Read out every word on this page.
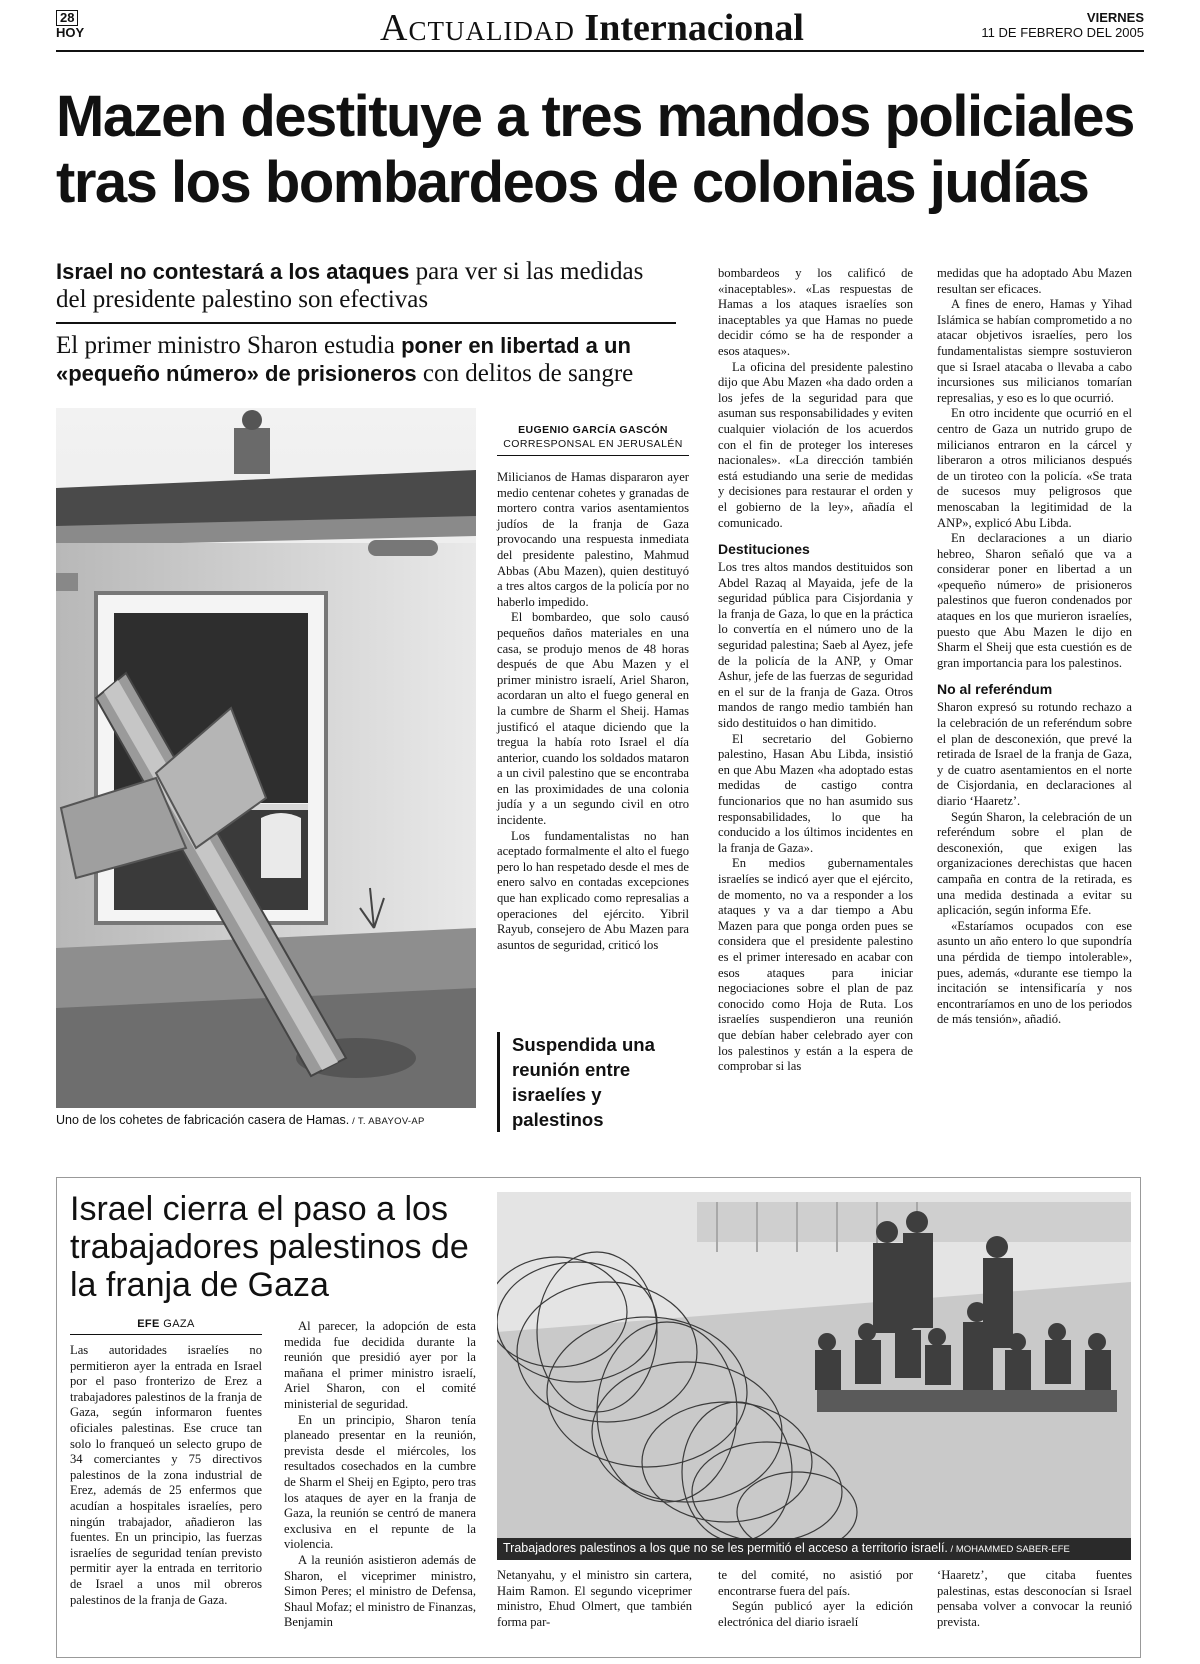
28
HOY	Actualidad Internacional	VIERNES
11 DE FEBRERO DEL 2005
Mazen destituye a tres mandos policiales
tras los bombardeos de colonias judías
Israel no contestará a los ataques para ver si las medidas del presidente palestino son efectivas
El primer ministro Sharon estudia poner en libertad a un «pequeño número» de prisioneros con delitos de sangre
Uno de los cohetes de fabricación casera de Hamas. / T. ABAYOV-AP
EUGENIO GARCÍA GASCÓN
CORRESPONSAL EN JERUSALÉN

Milicianos de Hamas dispararon ayer medio centenar cohetes y granadas de mortero contra varios asentamientos judíos de la franja de Gaza provocando una respuesta inmediata del presidente palestino, Mahmud Abbas (Abu Mazen), quien destituyó a tres altos cargos de la policía por no haberlo impedido.

El bombardeo, que solo causó pequeños daños materiales en una casa, se produjo menos de 48 horas después de que Abu Mazen y el primer ministro israelí, Ariel Sharon, acordaran un alto el fuego general en la cumbre de Sharm el Sheij. Hamas justificó el ataque diciendo que la tregua la había roto Israel el día anterior, cuando los soldados mataron a un civil palestino que se encontraba en las proximidades de una colonia judía y a un segundo civil en otro incidente.

Los fundamentalistas no han aceptado formalmente el alto el fuego pero lo han respetado desde el mes de enero salvo en contadas excepciones que han explicado como represalias a operaciones del ejército. Yibril Rayub, consejero de Abu Mazen para asuntos de seguridad, criticó los

Suspendida una reunión entre israelíes y palestinos

bombardeos y los calificó de «inaceptables». «Las respuestas de Hamas a los ataques israelíes son inaceptables ya que Hamas no puede decidir cómo se ha de responder a esos ataques».

La oficina del presidente palestino dijo que Abu Mazen «ha dado orden a los jefes de la seguridad para que asuman sus responsabilidades y eviten cualquier violación de los acuerdos con el fin de proteger los intereses nacionales». «La dirección también está estudiando una serie de medidas y decisiones para restaurar el orden y el gobierno de la ley», añadía el comunicado.

Destituciones

Los tres altos mandos destituidos son Abdel Razaq al Mayaida, jefe de la seguridad pública para Cisjordania y la franja de Gaza, lo que en la práctica lo convertía en el número uno de la seguridad palestina; Saeb al Ayez, jefe de la policía de la ANP, y Omar Ashur, jefe de las fuerzas de seguridad en el sur de la franja de Gaza. Otros mandos de rango medio también han sido destituidos o han dimitido.

El secretario del Gobierno palestino, Hasan Abu Libda, insistió en que Abu Mazen «ha adoptado estas medidas de castigo contra funcionarios que no han asumido sus responsabilidades, lo que ha conducido a los últimos incidentes en la franja de Gaza».

En medios gubernamentales israelíes se indicó ayer que el ejército, de momento, no va a responder a los ataques y va a dar tiempo a Abu Mazen para que ponga orden pues se considera que el presidente palestino es el primer interesado en acabar con esos ataques para iniciar negociaciones sobre el plan de paz conocido como Hoja de Ruta. Los israelíes suspendieron una reunión que debían haber celebrado ayer con los palestinos y están a la espera de comprobar si las

medidas que ha adoptado Abu Mazen resultan ser eficaces.

A fines de enero, Hamas y Yihad Islámica se habían comprometido a no atacar objetivos israelíes, pero los fundamentalistas siempre sostuvieron que si Israel atacaba o llevaba a cabo incursiones sus milicianos tomarían represalias, y eso es lo que ocurrió.

En otro incidente que ocurrió en el centro de Gaza un nutrido grupo de milicianos entraron en la cárcel y liberaron a otros milicianos después de un tiroteo con la policía. «Se trata de sucesos muy peligrosos que menoscaban la legitimidad de la ANP», explicó Abu Libda.

En declaraciones a un diario hebreo, Sharon señaló que va a considerar poner en libertad a un «pequeño número» de prisioneros palestinos que fueron condenados por ataques en los que murieron israelíes, puesto que Abu Mazen le dijo en Sharm el Sheij que esta cuestión es de gran importancia para los palestinos.

No al referéndum

Sharon expresó su rotundo rechazo a la celebración de un referéndum sobre el plan de desconexión, que prevé la retirada de Israel de la franja de Gaza, y de cuatro asentamientos en el norte de Cisjordania, en declaraciones al diario ‘Haaretz’.

Según Sharon, la celebración de un referéndum sobre el plan de desconexión, que exigen las organizaciones derechistas que hacen campaña en contra de la retirada, es una medida destinada a evitar su aplicación, según informa Efe.

«Estaríamos ocupados con ese asunto un año entero lo que supondría una pérdida de tiempo intolerable», pues, además, «durante ese tiempo la incitación se intensificaría y nos encontraríamos en uno de los periodos de más tensión», añadió.

Israel cierra el paso a los trabajadores palestinos de la franja de Gaza
EFE GAZA

Las autoridades israelíes no permitieron ayer la entrada en Israel por el paso fronterizo de Erez a trabajadores palestinos de la franja de Gaza, según informaron fuentes oficiales palestinas. Ese cruce tan solo lo franqueó un selecto grupo de 34 comerciantes y 75 directivos palestinos de la zona industrial de Erez, además de 25 enfermos que acudían a hospitales israelíes, pero ningún trabajador, añadieron las fuentes. En un principio, las fuerzas israelíes de seguridad tenían previsto permitir ayer la entrada en territorio de Israel a unos mil obreros palestinos de la franja de Gaza.

Al parecer, la adopción de esta medida fue decidida durante la reunión que presidió ayer por la mañana el primer ministro israelí, Ariel Sharon, con el comité ministerial de seguridad.

En un principio, Sharon tenía planeado presentar en la reunión, prevista desde el miércoles, los resultados cosechados en la cumbre de Sharm el Sheij en Egipto, pero tras los ataques de ayer en la franja de Gaza, la reunión se centró de manera exclusiva en el repunte de la violencia.

A la reunión asistieron además de Sharon, el viceprimer ministro, Simon Peres; el ministro de Defensa, Shaul Mofaz; el ministro de Finanzas, Benjamin

Trabajadores palestinos a los que no se les permitió el acceso a territorio israelí. / MOHAMMED SABER-EFE

Netanyahu, y el ministro sin cartera, Haim Ramon. El segundo viceprimer ministro, Ehud Olmert, que también forma par-

te del comité, no asistió por encontrarse fuera del país.

Según publicó ayer la edición electrónica del diario israelí

‘Haaretz’, que citaba fuentes palestinas, estas desconocían si Israel pensaba volver a convocar la reunió prevista.
